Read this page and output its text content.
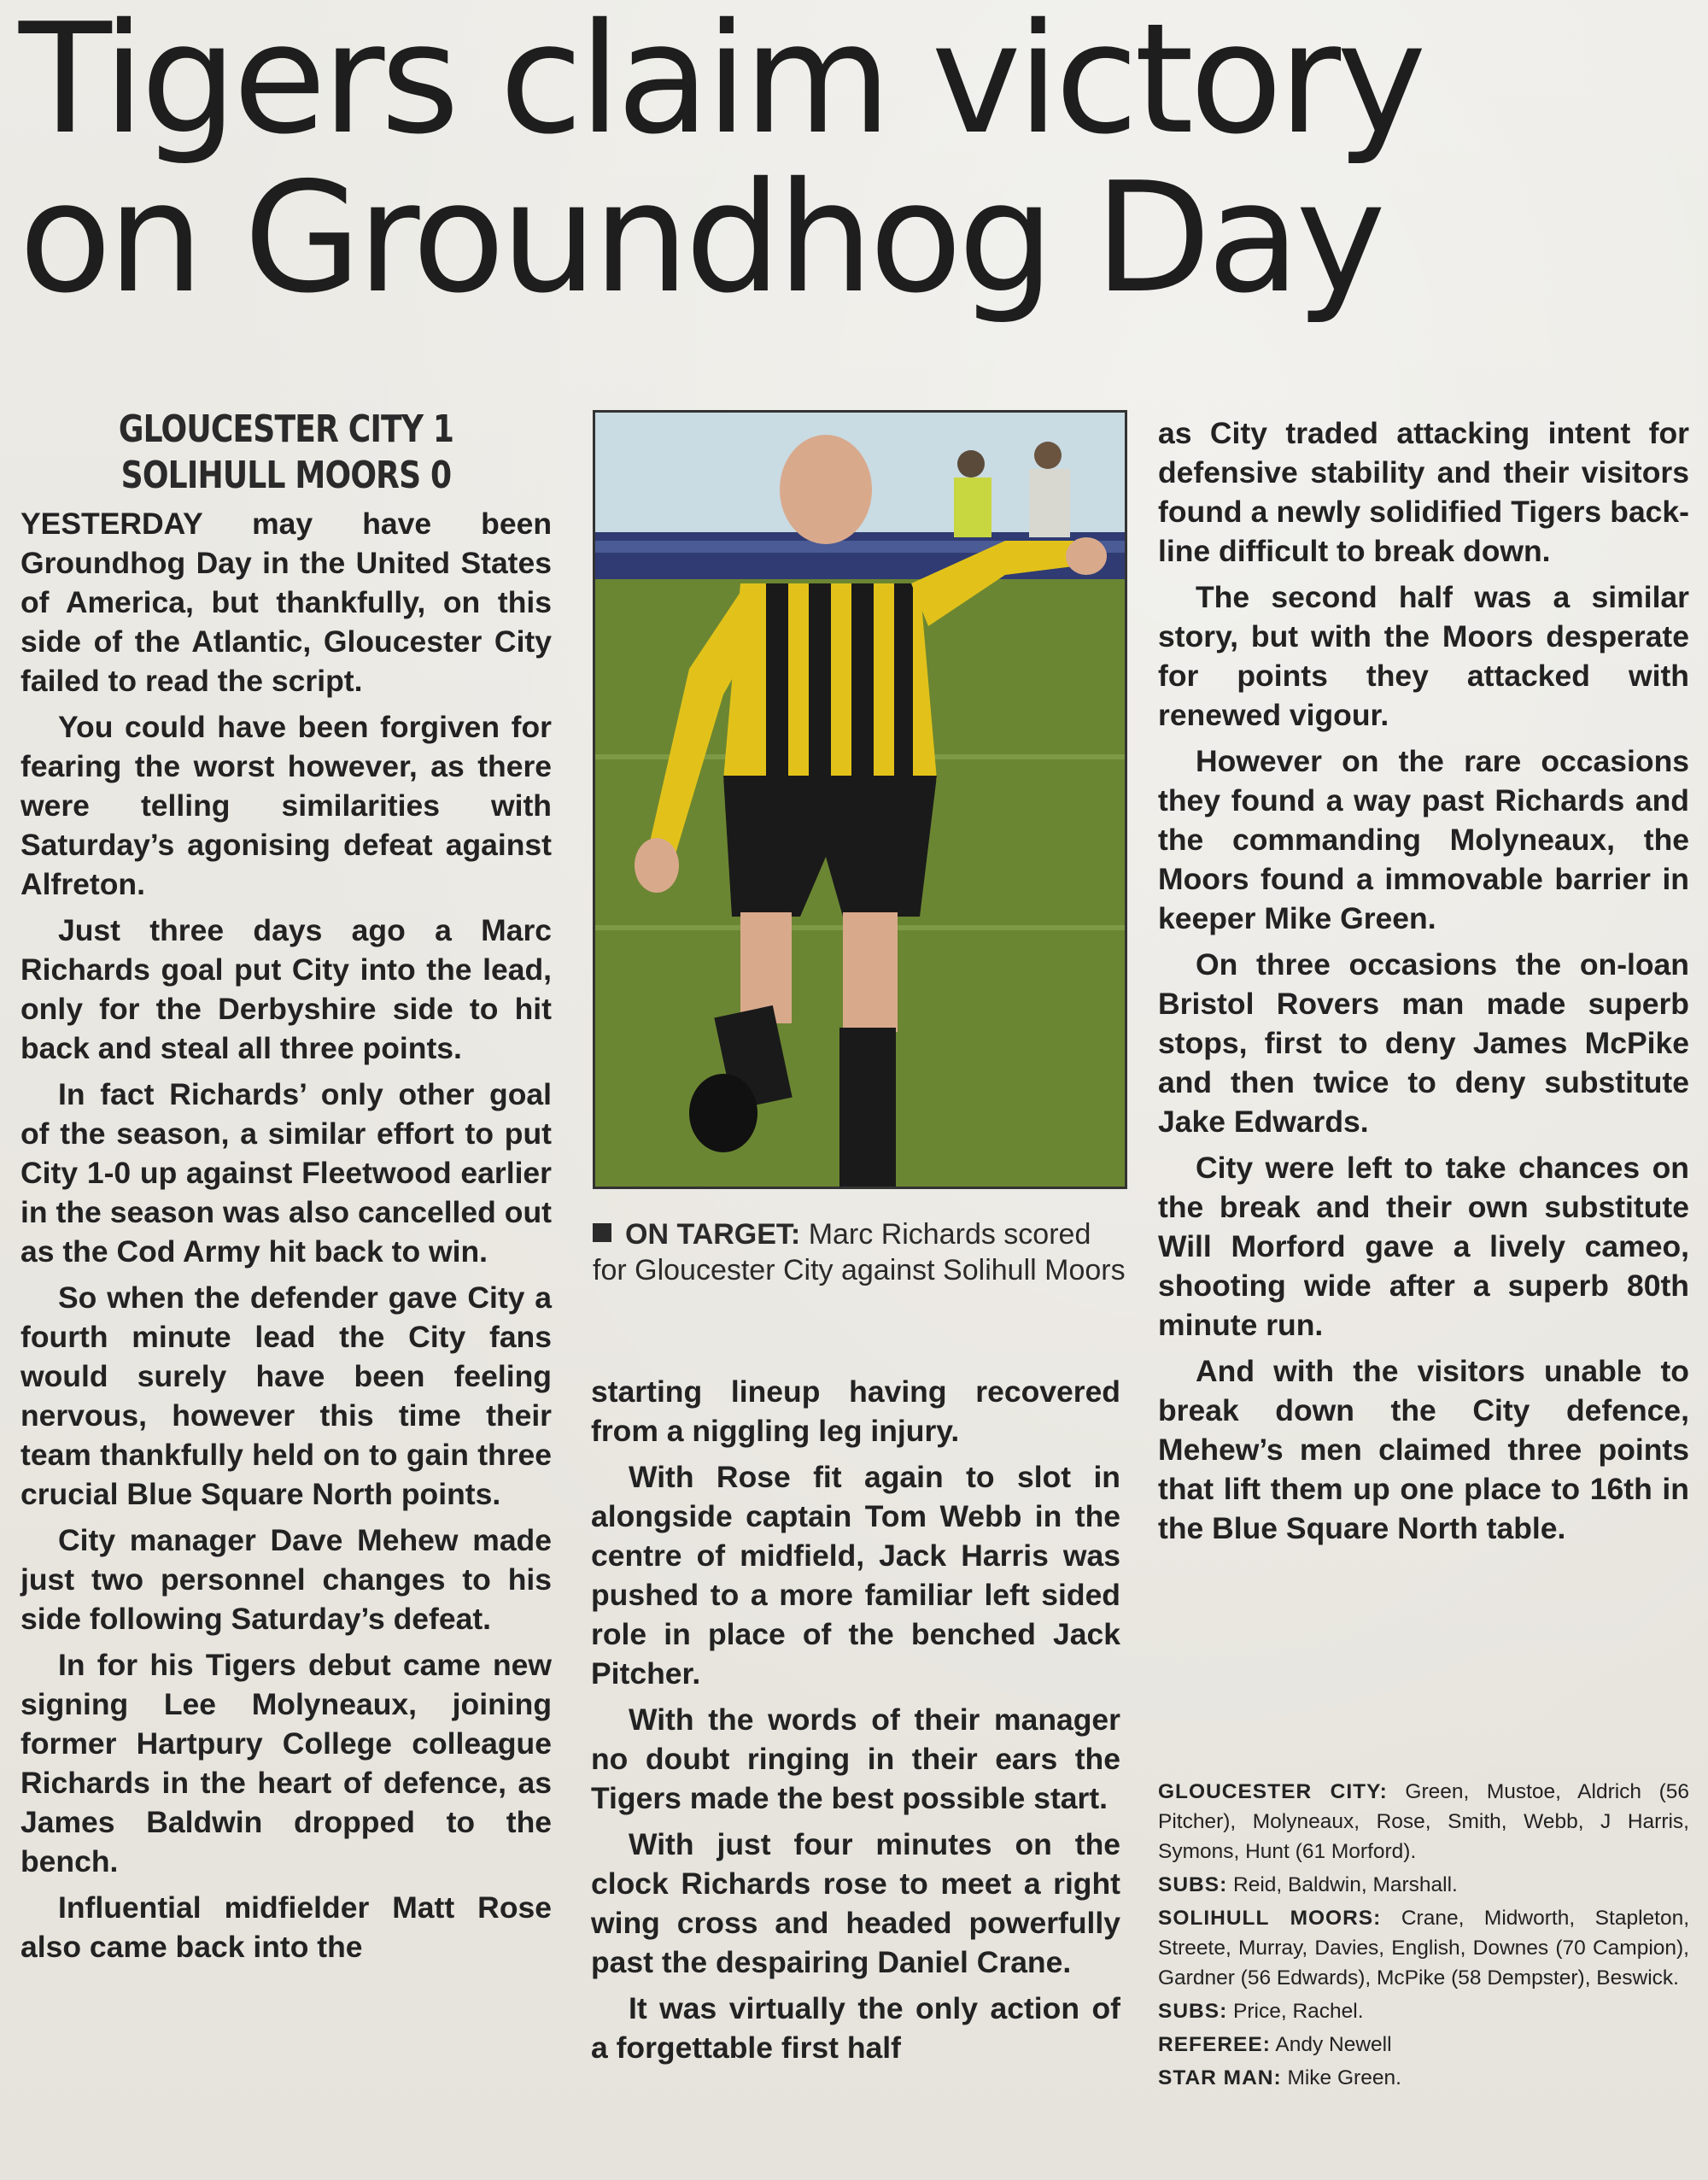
Tigers claim victory
on Groundhog Day
GLOUCESTER CITY 1
SOLIHULL MOORS 0

YESTERDAY may have been Groundhog Day in the United States of America, but thankfully, on this side of the Atlantic, Gloucester City failed to read the script.

You could have been forgiven for fearing the worst however, as there were telling similarities with Saturday’s agonising defeat against Alfreton.

Just three days ago a Marc Richards goal put City into the lead, only for the Derbyshire side to hit back and steal all three points.

In fact Richards’ only other goal of the season, a similar effort to put City 1-0 up against Fleetwood earlier in the season was also cancelled out as the Cod Army hit back to win.

So when the defender gave City a fourth minute lead the City fans would surely have been feeling nervous, however this time their team thankfully held on to gain three crucial Blue Square North points.

City manager Dave Mehew made just two personnel changes to his side following Saturday’s defeat.

In for his Tigers debut came new signing Lee Molyneaux, joining former Hartpury College colleague Richards in the heart of defence, as James Baldwin dropped to the bench.

Influential midfielder Matt Rose also came back into the

ON TARGET: Marc Richards scored for Gloucester City against Solihull Moors

starting lineup having recovered from a niggling leg injury.

With Rose fit again to slot in alongside captain Tom Webb in the centre of midfield, Jack Harris was pushed to a more familiar left sided role in place of the benched Jack Pitcher.

With the words of their manager no doubt ringing in their ears the Tigers made the best possible start.

With just four minutes on the clock Richards rose to meet a right wing cross and headed powerfully past the despairing Daniel Crane.

It was virtually the only action of a forgettable first half

as City traded attacking intent for defensive stability and their visitors found a newly solidified Tigers back-line difficult to break down.

The second half was a similar story, but with the Moors desperate for points they attacked with renewed vigour.

However on the rare occasions they found a way past Richards and the commanding Molyneaux, the Moors found a immovable barrier in keeper Mike Green.

On three occasions the on-loan Bristol Rovers man made superb stops, first to deny James McPike and then twice to deny substitute Jake Edwards.

City were left to take chances on the break and their own substitute Will Morford gave a lively cameo, shooting wide after a superb 80th minute run.

And with the visitors unable to break down the City defence, Mehew’s men claimed three points that lift them up one place to 16th in the Blue Square North table.

GLOUCESTER CITY: Green, Mustoe, Aldrich (56 Pitcher), Molyneaux, Rose, Smith, Webb, J Harris, Symons, Hunt (61 Morford).

SUBS: Reid, Baldwin, Marshall.

SOLIHULL MOORS: Crane, Midworth, Stapleton, Streete, Murray, Davies, English, Downes (70 Campion), Gardner (56 Edwards), McPike (58 Dempster), Beswick.

SUBS: Price, Rachel.

REFEREE: Andy Newell

STAR MAN: Mike Green.
